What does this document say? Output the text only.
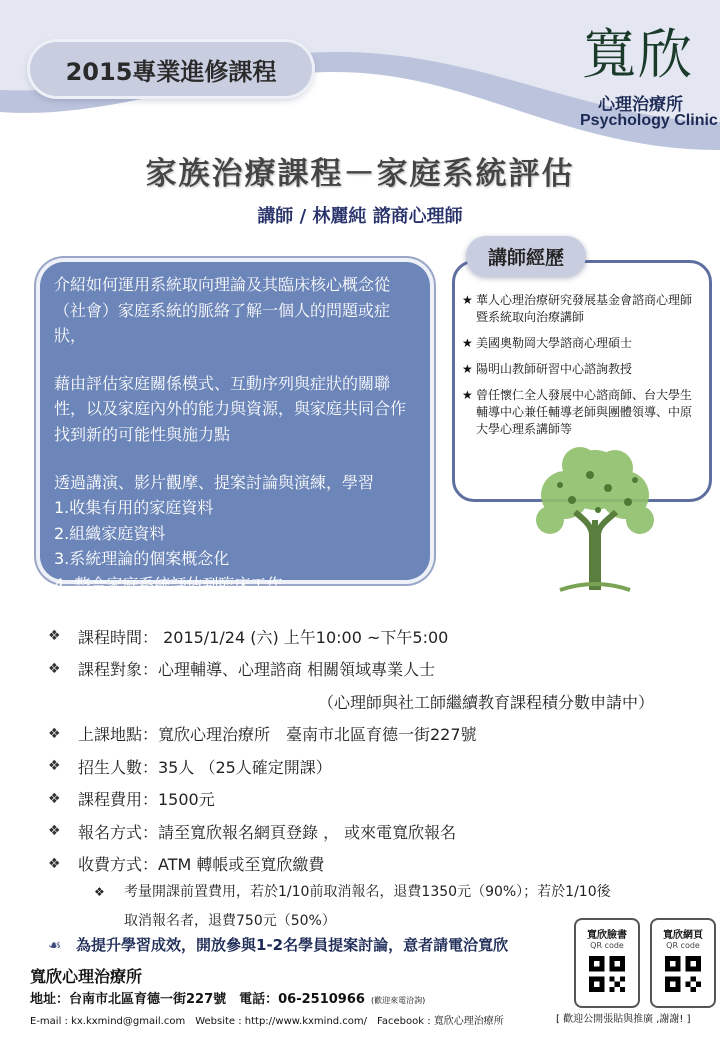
2015專業進修課程	寬欣
心理治療所
Psychology Clinic
家族治療課程－家庭系統評估
講師 / 林麗純 諮商心理師

介紹如何運用系統取向理論及其臨床核心概念從（社會）家庭系統的脈絡了解一個人的問題或症狀，

藉由評估家庭關係模式、互動序列與症狀的關聯性，以及家庭內外的能力與資源，與家庭共同合作找到新的可能性與施力點

透過講演、影片觀摩、提案討論與演練，學習

1.收集有用的家庭資料

2.組織家庭資料

3.系統理論的個案概念化

4. 整合家庭系統評估到臨床工作

講師經歷
★ 華人心理治療研究發展基金會諮商心理師暨系統取向治療講師
★ 美國奧勒岡大學諮商心理碩士
★ 陽明山教師研習中心諮詢教授
★ 曾任懷仁全人發展中心諮商師、台大學生輔導中心兼任輔導老師與團體領導、中原大學心理系講師等
❖	課程時間： 2015/1/24 (六) 上午10:00 ~下午5:00
❖	課程對象：心理輔導、心理諮商 相關領域專業人士
（心理師與社工師繼續教育課程積分數申請中）
❖	上課地點：寬欣心理治療所　臺南市北區育德一街227號
❖	招生人數：35人 （25人確定開課）
❖	課程費用：1500元
❖	報名方式：請至寬欣報名網頁登錄 ， 或來電寬欣報名
❖	收費方式：ATM 轉帳或至寬欣繳費
❖ 考量開課前置費用，若於1/10前取消報名，退費1350元（90%）；若於1/10後

取消報名者，退費750元（50%）

☙ 為提升學習成效，開放參與1-2名學員提案討論，意者請電洽寬欣
寬欣心理治療所
地址：台南市北區育德一街227號　電話：06-2510966 (歡迎來電洽詢)
E-mail : kx.kxmind@gmail.com　Website : http://www.kxmind.com/　Facebook : 寬欣心理治療所
寬欣臉書
QR code
寬欣網頁
QR code
[ 歡迎公開張貼與推廣 ,謝謝! ]
